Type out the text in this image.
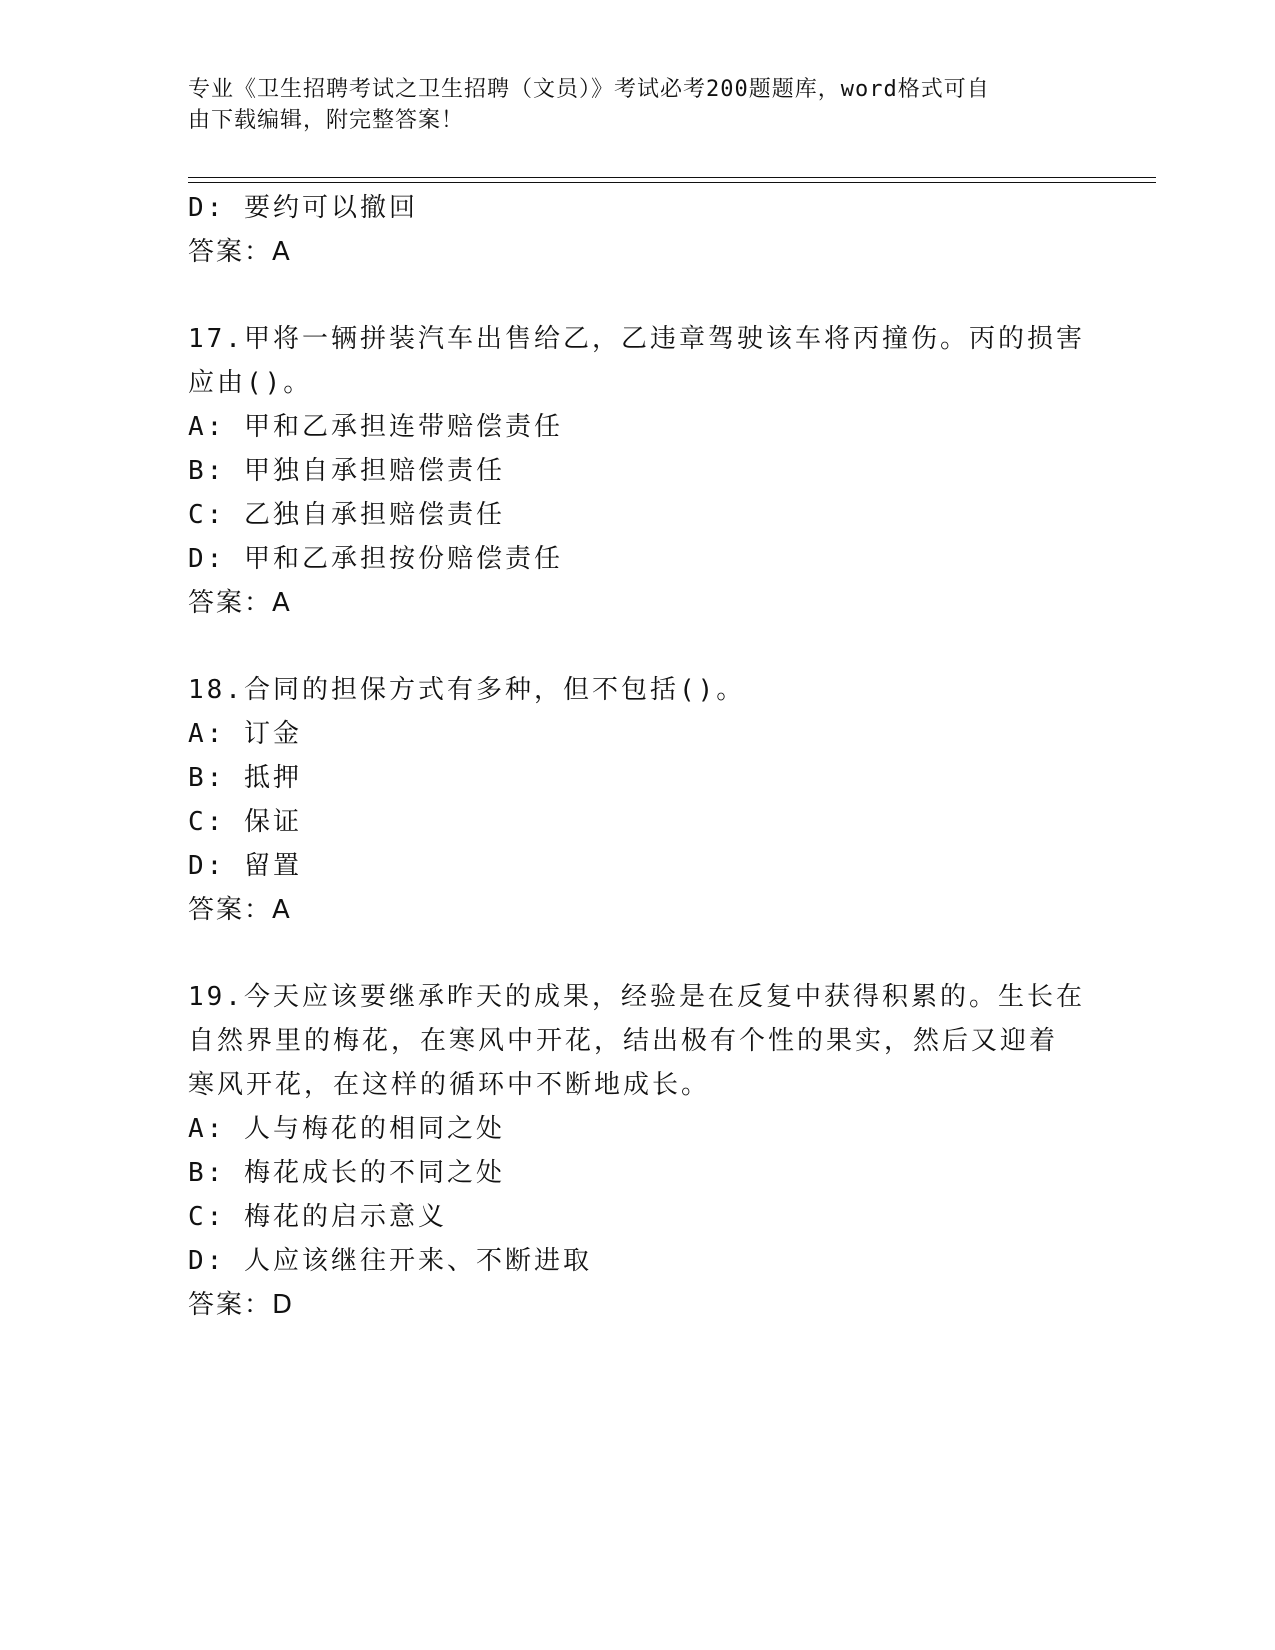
专业《卫生招聘考试之卫生招聘（文员）》考试必考200题题库，word格式可自
由下载编辑，附完整答案！
D: 要约可以撤回
答案：A
17.甲将一辆拼装汽车出售给乙，乙违章驾驶该车将丙撞伤。丙的损害
应由()。
A: 甲和乙承担连带赔偿责任
B: 甲独自承担赔偿责任
C: 乙独自承担赔偿责任
D: 甲和乙承担按份赔偿责任
答案：A
18.合同的担保方式有多种，但不包括()。
A: 订金
B: 抵押
C: 保证
D: 留置
答案：A
19.今天应该要继承昨天的成果，经验是在反复中获得积累的。生长在
自然界里的梅花，在寒风中开花，结出极有个性的果实，然后又迎着
寒风开花，在这样的循环中不断地成长。
A: 人与梅花的相同之处
B: 梅花成长的不同之处
C: 梅花的启示意义
D: 人应该继往开来、不断进取
答案：D
